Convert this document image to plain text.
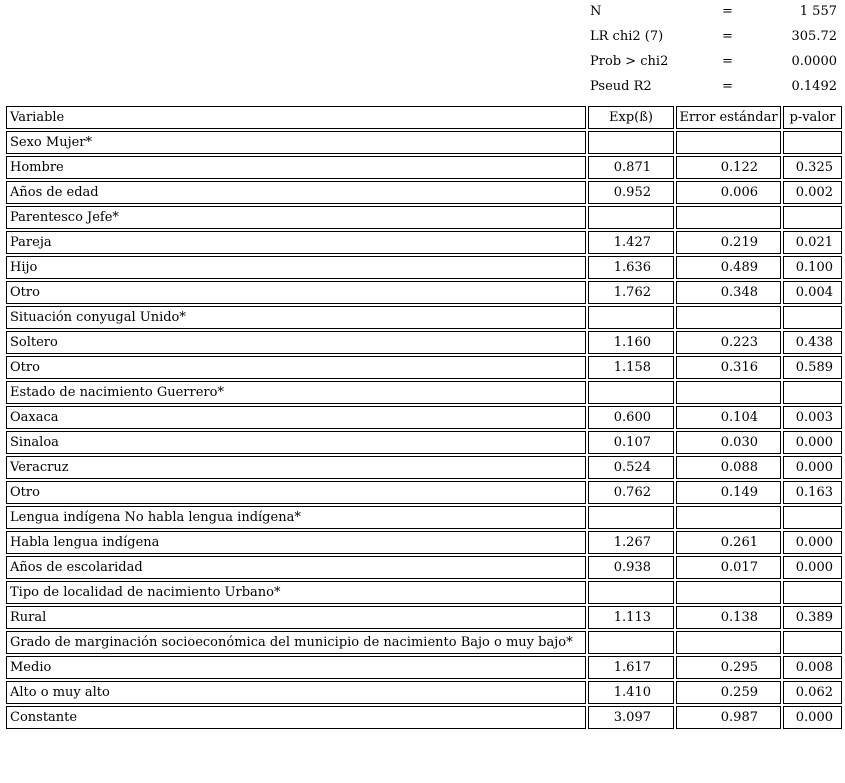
N	=	1 557
LR chi2 (7)	=	305.72
Prob > chi2	=	0.0000
Pseud R2	=	0.1492
Variable	Exp(ß)	Error estándar	p-valor
Sexo Mujer*			
Hombre	0.871	0.122	0.325
Años de edad	0.952	0.006	0.002
Parentesco Jefe*			
Pareja	1.427	0.219	0.021
Hijo	1.636	0.489	0.100
Otro	1.762	0.348	0.004
Situación conyugal Unido*			
Soltero	1.160	0.223	0.438
Otro	1.158	0.316	0.589
Estado de nacimiento Guerrero*			
Oaxaca	0.600	0.104	0.003
Sinaloa	0.107	0.030	0.000
Veracruz	0.524	0.088	0.000
Otro	0.762	0.149	0.163
Lengua indígena No habla lengua indígena*			
Habla lengua indígena	1.267	0.261	0.000
Años de escolaridad	0.938	0.017	0.000
Tipo de localidad de nacimiento Urbano*			
Rural	1.113	0.138	0.389
Grado de marginación socioeconómica del municipio de nacimiento Bajo o muy bajo*			
Medio	1.617	0.295	0.008
Alto o muy alto	1.410	0.259	0.062
Constante	3.097	0.987	0.000
